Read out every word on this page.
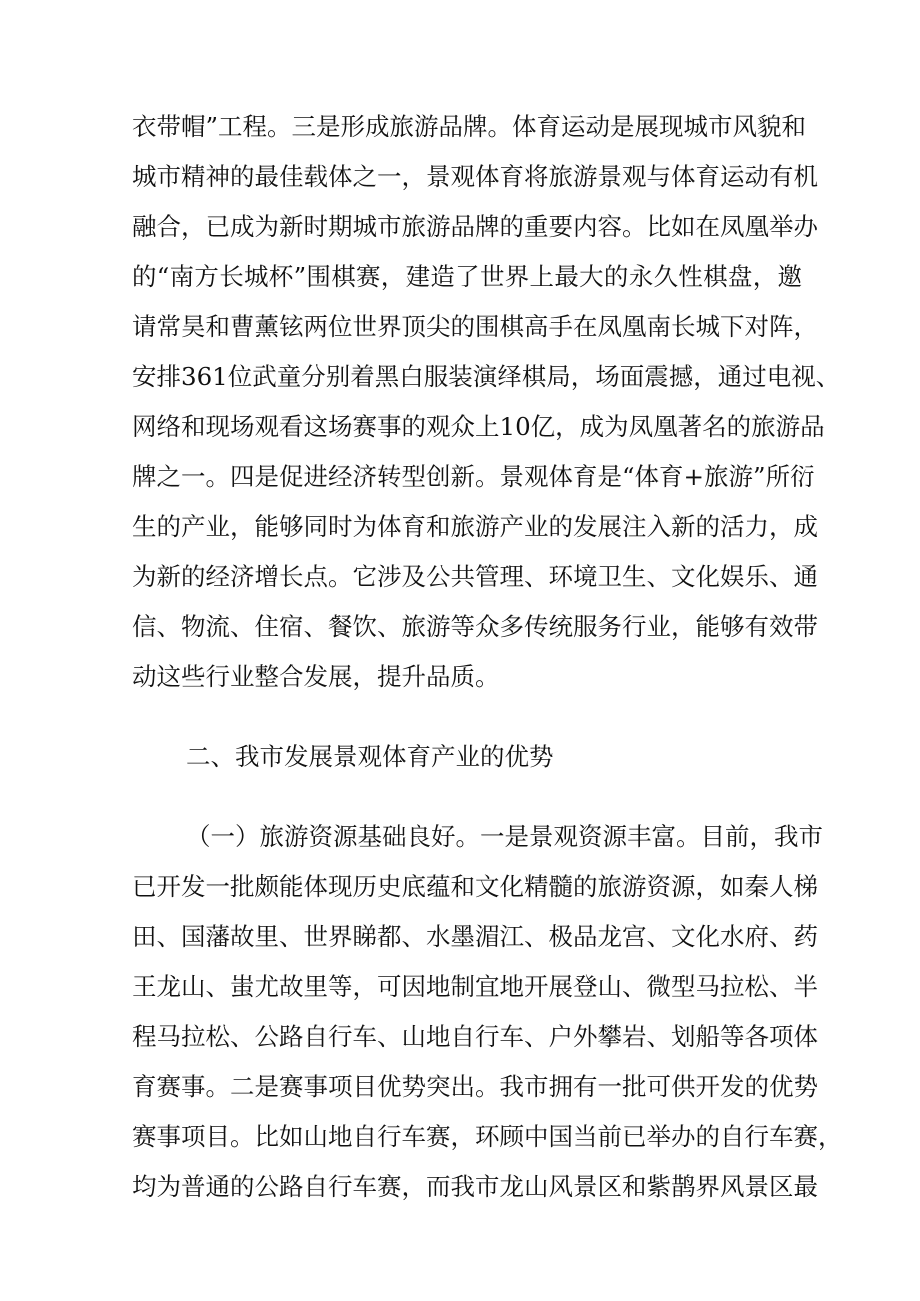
衣带帽”工程。三是形成旅游品牌。体育运动是展现城市风貌和
城市精神的最佳载体之一，景观体育将旅游景观与体育运动有机
融合，已成为新时期城市旅游品牌的重要内容。比如在凤凰举办
的“南方长城杯”围棋赛，建造了世界上最大的永久性棋盘，邀
请常昊和曹薰铉两位世界顶尖的围棋高手在凤凰南长城下对阵，
安排361位武童分别着黑白服装演绎棋局，场面震撼，通过电视、
网络和现场观看这场赛事的观众上10亿，成为凤凰著名的旅游品
牌之一。四是促进经济转型创新。景观体育是“体育+旅游”所衍
生的产业，能够同时为体育和旅游产业的发展注入新的活力，成
为新的经济增长点。它涉及公共管理、环境卫生、文化娱乐、通
信、物流、住宿、餐饮、旅游等众多传统服务行业，能够有效带
动这些行业整合发展，提升品质。
二、我市发展景观体育产业的优势
（一）旅游资源基础良好。一是景观资源丰富。目前，我市
已开发一批颇能体现历史底蕴和文化精髓的旅游资源，如秦人梯
田、国藩故里、世界睇都、水墨湄江、极品龙宫、文化水府、药
王龙山、蚩尤故里等，可因地制宜地开展登山、微型马拉松、半
程马拉松、公路自行车、山地自行车、户外攀岩、划船等各项体
育赛事。二是赛事项目优势突出。我市拥有一批可供开发的优势
赛事项目。比如山地自行车赛，环顾中国当前已举办的自行车赛，
均为普通的公路自行车赛，而我市龙山风景区和紫鹊界风景区最
